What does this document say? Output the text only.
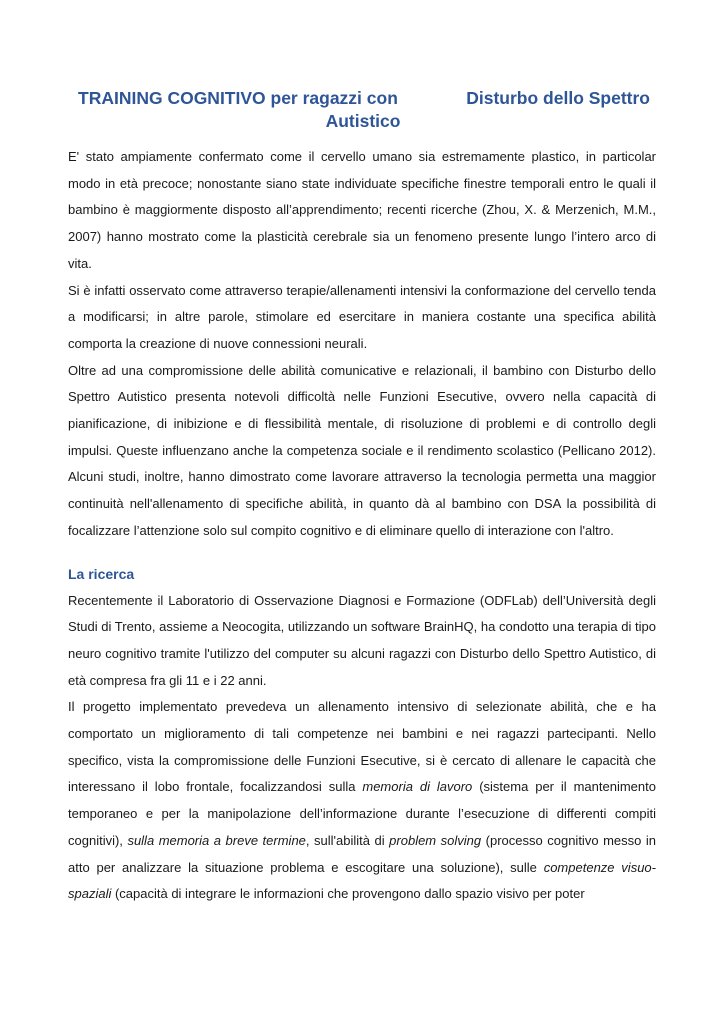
TRAINING COGNITIVO per ragazzi con	Disturbo dello Spettro
Autistico

E' stato ampiamente confermato come il cervello umano sia estremamente plastico, in particolar modo in età precoce; nonostante siano state individuate specifiche finestre temporali entro le quali il bambino è maggiormente disposto all’apprendimento; recenti ricerche (Zhou, X. & Merzenich, M.M., 2007) hanno mostrato come la plasticità cerebrale sia un fenomeno presente lungo l’intero arco di vita.

Si è infatti osservato come attraverso terapie/allenamenti intensivi la conformazione del cervello tenda a modificarsi; in altre parole, stimolare ed esercitare in maniera costante una specifica abilità comporta la creazione di nuove connessioni neurali.

Oltre ad una compromissione delle abilità comunicative e relazionali, il bambino con Disturbo dello Spettro Autistico presenta notevoli difficoltà nelle Funzioni Esecutive, ovvero nella capacità di pianificazione, di inibizione e di flessibilità mentale, di risoluzione di problemi e di controllo degli impulsi. Queste influenzano anche la competenza sociale e il rendimento scolastico (Pellicano 2012). Alcuni studi, inoltre, hanno dimostrato come lavorare attraverso la tecnologia permetta una maggior continuità nell'allenamento di specifiche abilità, in quanto dà al bambino con DSA la possibilità di focalizzare l’attenzione solo sul compito cognitivo e di eliminare quello di interazione con l'altro.

La ricerca

Recentemente il Laboratorio di Osservazione Diagnosi e Formazione (ODFLab) dell’Università degli Studi di Trento, assieme a Neocogita, utilizzando un software BrainHQ, ha condotto una terapia di tipo neuro cognitivo tramite l'utilizzo del computer su alcuni ragazzi con Disturbo dello Spettro Autistico, di età compresa fra gli 11 e i 22 anni.

Il progetto implementato prevedeva un allenamento intensivo di selezionate abilità, che e ha comportato un miglioramento di tali competenze nei bambini e nei ragazzi partecipanti. Nello specifico, vista la compromissione delle Funzioni Esecutive, si è cercato di allenare le capacità che interessano il lobo frontale, focalizzandosi sulla memoria di lavoro (sistema per il mantenimento temporaneo e per la manipolazione dell’informazione durante l’esecuzione di differenti compiti cognitivi), sulla memoria a breve termine, sull'abilità di problem solving (processo cognitivo messo in atto per analizzare la situazione problema e escogitare una soluzione), sulle competenze visuo-spaziali (capacità di integrare le informazioni che provengono dallo spazio visivo per poter
